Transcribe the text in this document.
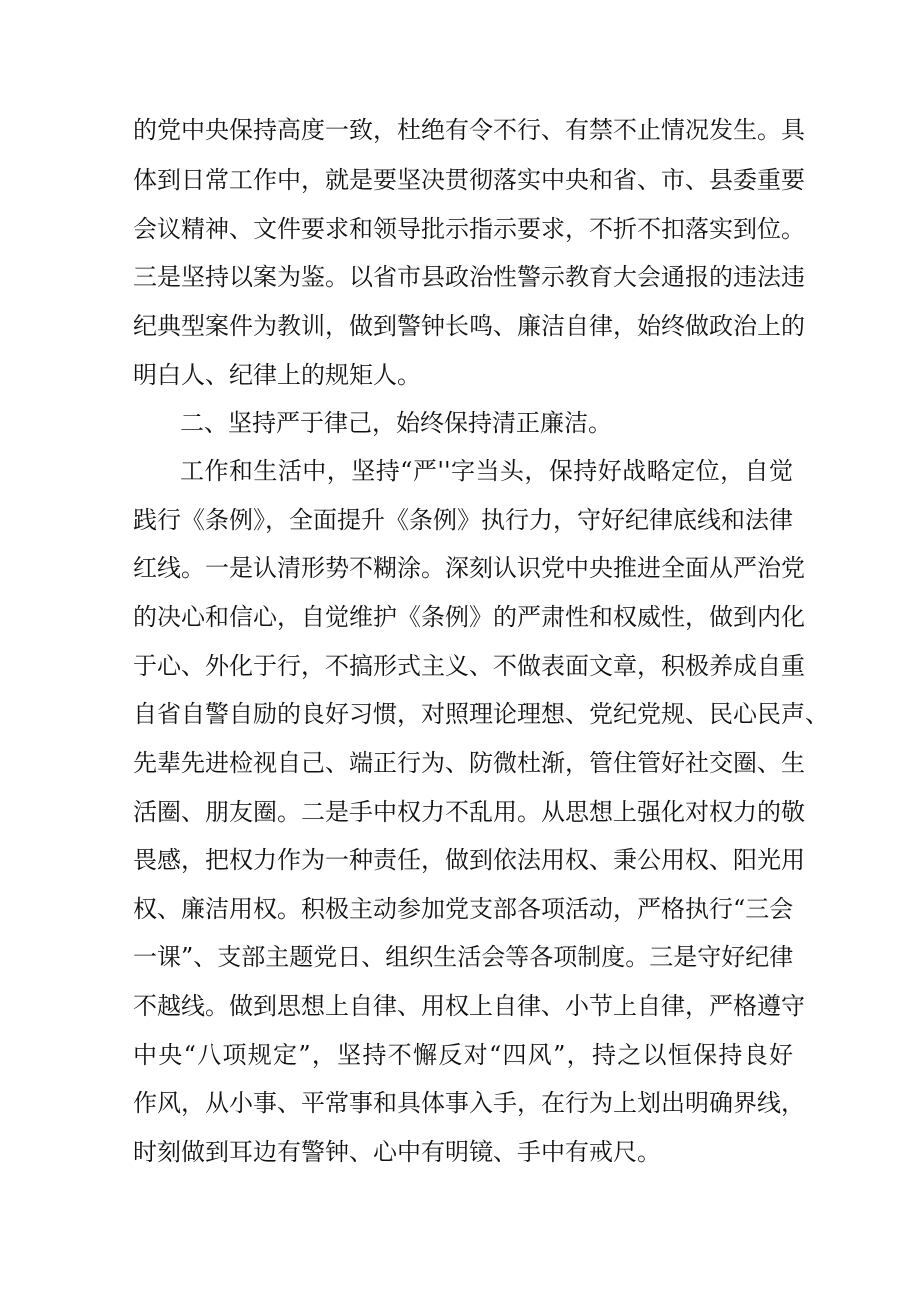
的党中央保持高度一致，杜绝有令不行、有禁不止情况发生。具
体到日常工作中，就是要坚决贯彻落实中央和省、市、县委重要
会议精神、文件要求和领导批示指示要求，不折不扣落实到位。
三是坚持以案为鉴。以省市县政治性警示教育大会通报的违法违
纪典型案件为教训，做到警钟长鸣、廉洁自律，始终做政治上的
明白人、纪律上的规矩人。
二、坚持严于律己，始终保持清正廉洁。
工作和生活中，坚持“严''字当头，保持好战略定位，自觉
践行《条例》，全面提升《条例》执行力，守好纪律底线和法律
红线。一是认清形势不糊涂。深刻认识党中央推进全面从严治党
的决心和信心，自觉维护《条例》的严肃性和权威性，做到内化
于心、外化于行，不搞形式主义、不做表面文章，积极养成自重
自省自警自励的良好习惯，对照理论理想、党纪党规、民心民声、
先辈先进检视自己、端正行为、防微杜渐，管住管好社交圈、生
活圈、朋友圈。二是手中权力不乱用。从思想上强化对权力的敬
畏感，把权力作为一种责任，做到依法用权、秉公用权、阳光用
权、廉洁用权。积极主动参加党支部各项活动，严格执行“三会
一课”、支部主题党日、组织生活会等各项制度。三是守好纪律
不越线。做到思想上自律、用权上自律、小节上自律，严格遵守
中央“八项规定”，坚持不懈反对“四风”，持之以恒保持良好
作风，从小事、平常事和具体事入手，在行为上划出明确界线，
时刻做到耳边有警钟、心中有明镜、手中有戒尺。
